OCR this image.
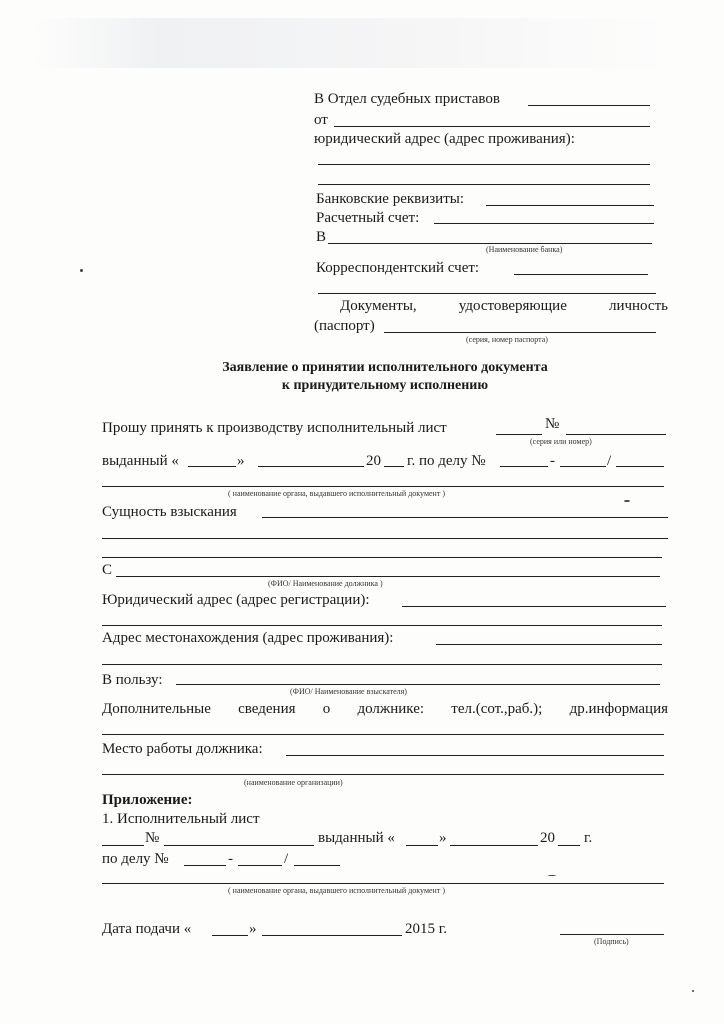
В Отдел судебных приставов
от
юридический адрес (адрес проживания):
Банковские реквизиты:
Расчетный счет:
В
(Наименование банка)
Корреспондентский счет:
Документы,	удостоверяющие	личность
(паспорт)
(серия, номер паспорта)
Заявление о принятии исполнительного документа
к принудительному исполнению
Прошу принять к производству исполнительный лист	№
(серия или номер)
выданный «	»	20 г. по делу №	-	/
( наименование органа, выдавшего исполнительный документ )
Сущность взыскания
С
(ФИО/ Наименование должника )
Юридический адрес (адрес регистрации):
Адрес местонахождения (адрес проживания):
В пользу:
(ФИО/ Наименование взыскателя)
Дополнительные сведения о должнике: тел.(сот.,раб.); др.информация
Место работы должника:
(наименование организации)
Приложение:
1. Исполнительный лист
№	выданный «	»	20 г.
по делу №	-	/
( наименование органа, выдавшего исполнительный документ )
Дата подачи «	»	2015 г.
(Подпись)
